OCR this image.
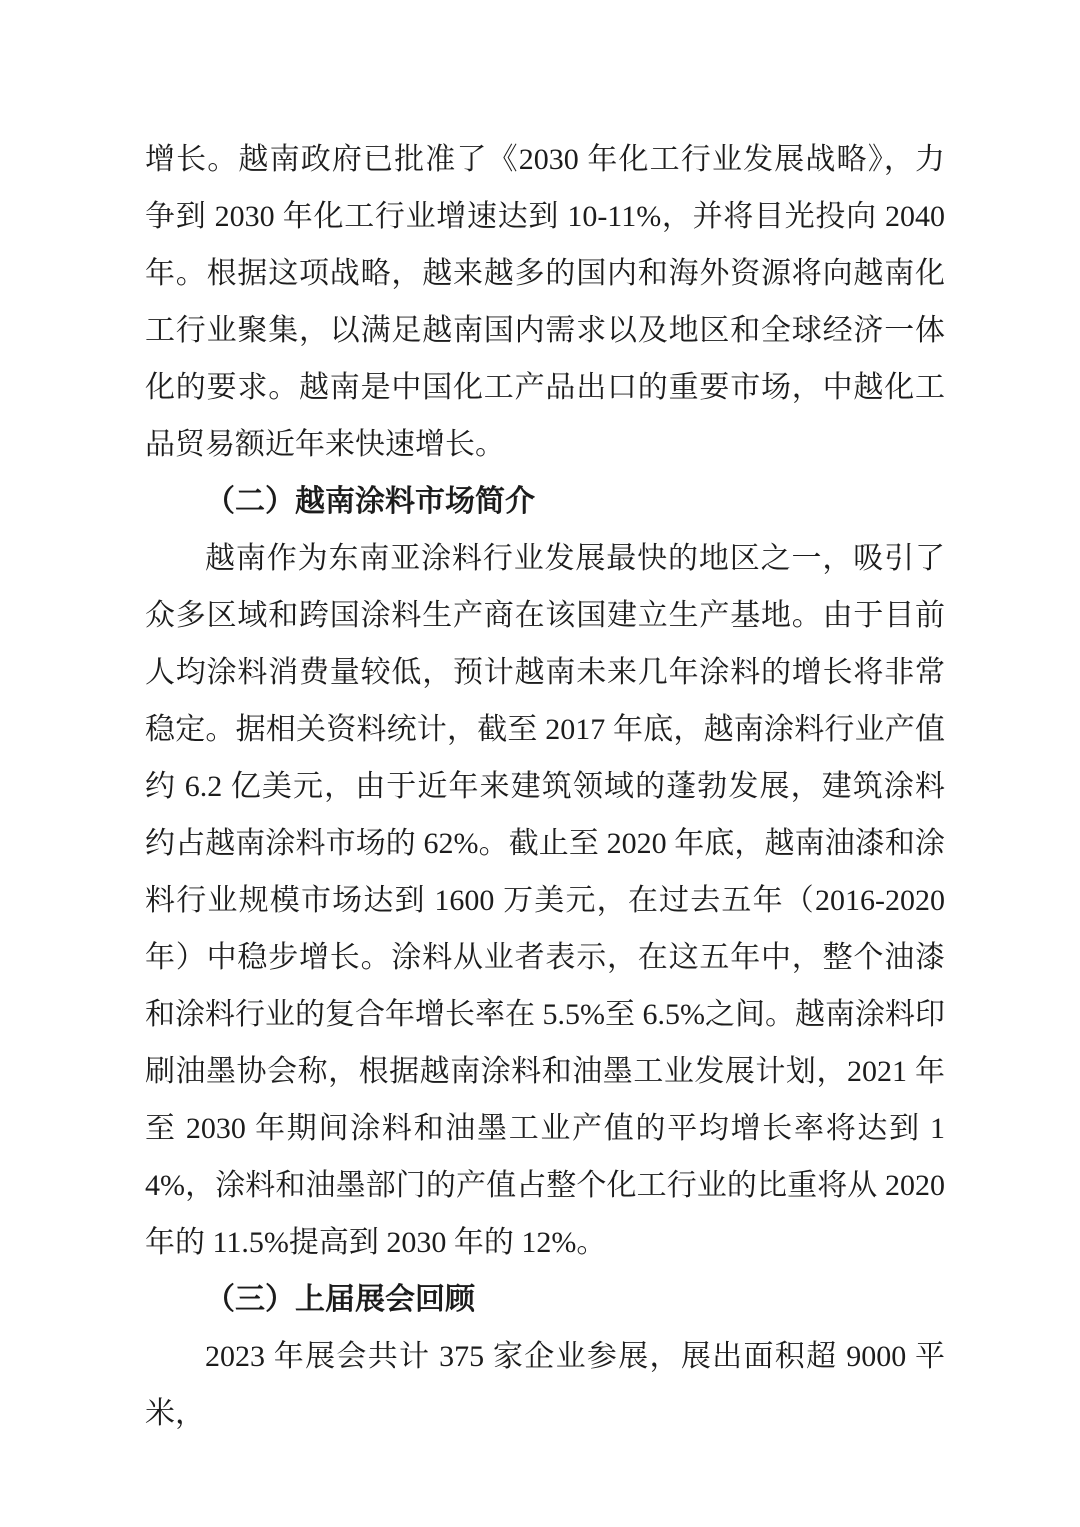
增长。越南政府已批准了《2030 年化工行业发展战略》，力争到 2030 年化工行业增速达到 10-11%，并将目光投向 2040 年。根据这项战略，越来越多的国内和海外资源将向越南化工行业聚集，以满足越南国内需求以及地区和全球经济一体化的要求。越南是中国化工产品出口的重要市场，中越化工品贸易额近年来快速增长。

（二）越南涂料市场简介

越南作为东南亚涂料行业发展最快的地区之一，吸引了众多区域和跨国涂料生产商在该国建立生产基地。由于目前人均涂料消费量较低，预计越南未来几年涂料的增长将非常稳定。据相关资料统计，截至 2017 年底，越南涂料行业产值约 6.2 亿美元，由于近年来建筑领域的蓬勃发展，建筑涂料约占越南涂料市场的 62%。截止至 2020 年底，越南油漆和涂料行业规模市场达到 1600 万美元，在过去五年（2016-2020 年）中稳步增长。涂料从业者表示，在这五年中，整个油漆和涂料行业的复合年增长率在 5.5%至 6.5%之间。越南涂料印刷油墨协会称，根据越南涂料和油墨工业发展计划，2021 年至 2030 年期间涂料和油墨工业产值的平均增长率将达到 14%，涂料和油墨部门的产值占整个化工行业的比重将从 2020 年的 11.5%提高到 2030 年的 12%。

（三）上届展会回顾

2023 年展会共计 375 家企业参展，展出面积超 9000 平米，
